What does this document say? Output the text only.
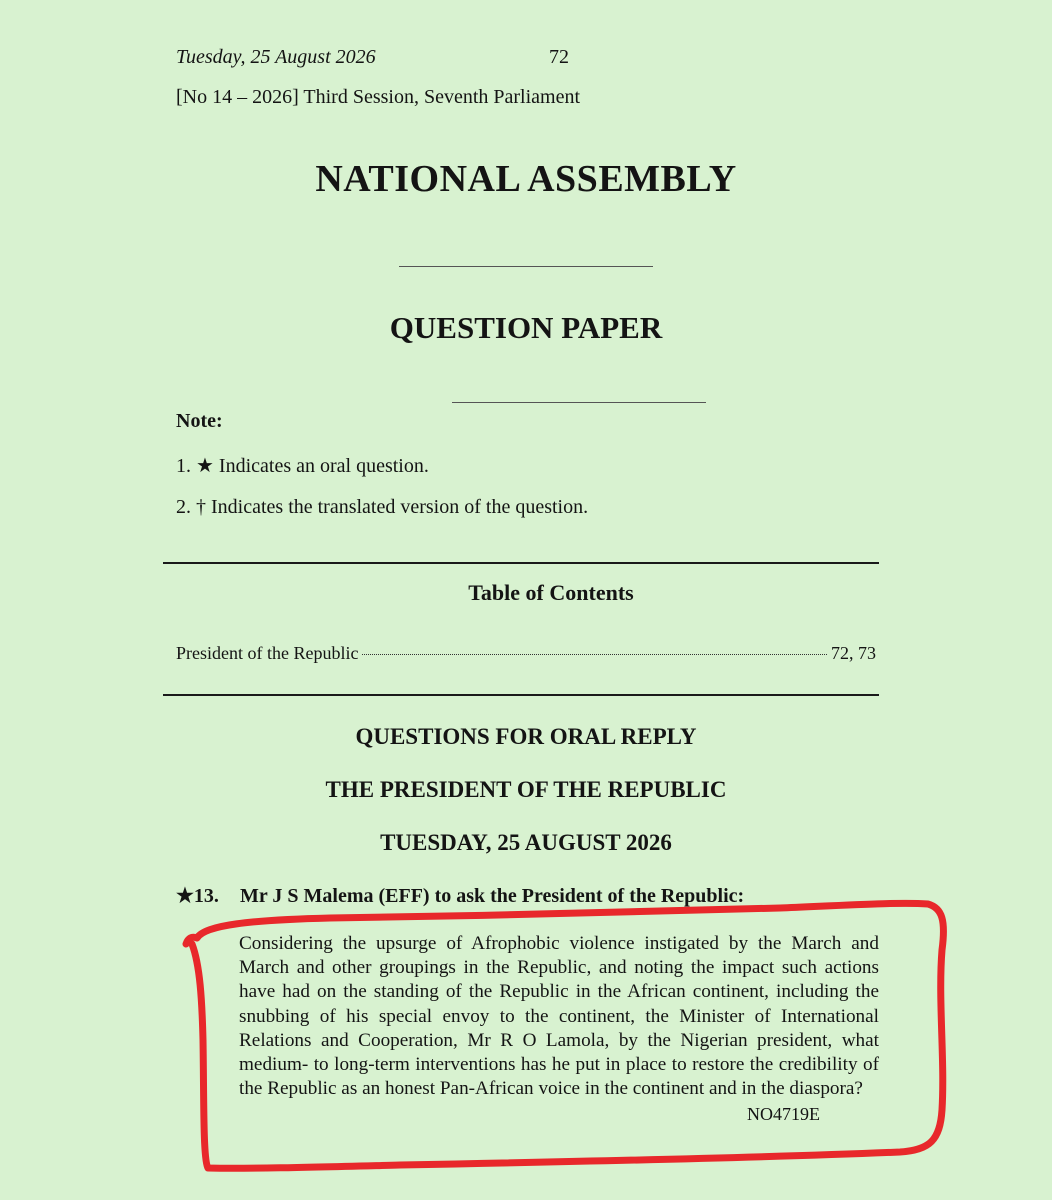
Tuesday, 25 August 2026	72
[No 14 – 2026] Third Session, Seventh Parliament
NATIONAL ASSEMBLY
QUESTION PAPER
Note:
1. ★ Indicates an oral question.
2. † Indicates the translated version of the question.
Table of Contents
President of the Republic	72, 73
QUESTIONS FOR ORAL REPLY
THE PRESIDENT OF THE REPUBLIC
TUESDAY, 25 AUGUST 2026
★13. Mr J S Malema (EFF) to ask the President of the Republic:
Considering the upsurge of Afrophobic violence instigated by the March and March and other groupings in the Republic, and noting the impact such actions have had on the standing of the Republic in the African continent, including the snubbing of his special envoy to the continent, the Minister of International Relations and Cooperation, Mr R O Lamola, by the Nigerian president, what medium- to long-term interventions has he put in place to restore the credibility of the Republic as an honest Pan-African voice in the continent and in the diaspora?
NO4719E
